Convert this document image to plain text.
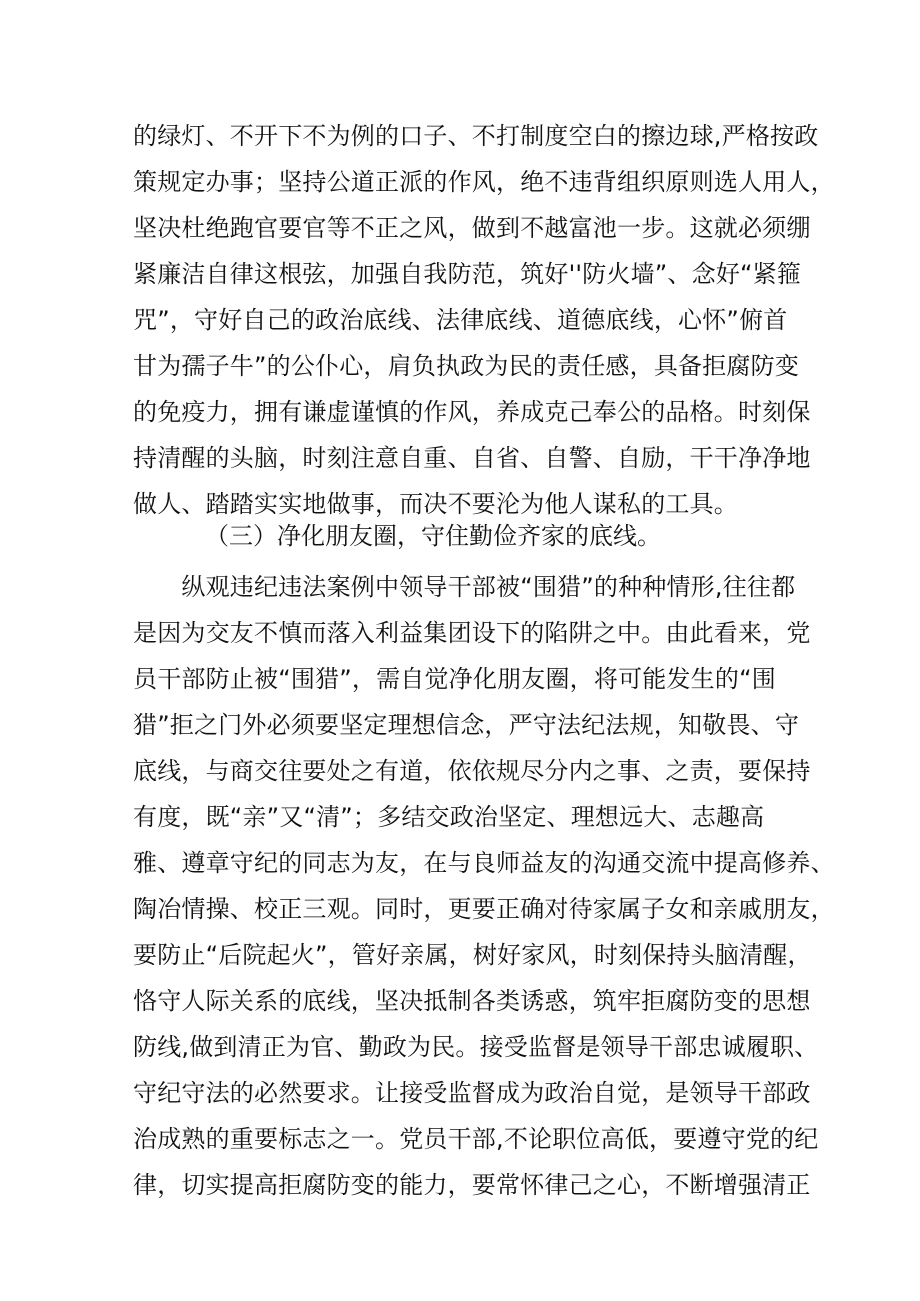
的绿灯、不开下不为例的口子、不打制度空白的擦边球,严格按政
策规定办事；坚持公道正派的作风，绝不违背组织原则选人用人，
坚决杜绝跑官要官等不正之风，做到不越富池一步。这就必须绷
紧廉洁自律这根弦，加强自我防范，筑好''防火墙”、念好“紧箍
咒”，守好自己的政治底线、法律底线、道德底线，心怀”俯首
甘为孺子牛”的公仆心，肩负执政为民的责任感，具备拒腐防变
的免疫力，拥有谦虚谨慎的作风，养成克己奉公的品格。时刻保
持清醒的头脑，时刻注意自重、自省、自警、自励，干干净净地
做人、踏踏实实地做事，而决不要沦为他人谋私的工具。
（三）净化朋友圈，守住勤俭齐家的底线。
　　纵观违纪违法案例中领导干部被“围猎”的种种情形,往往都
是因为交友不慎而落入利益集团设下的陷阱之中。由此看来，党
员干部防止被“围猎”，需自觉净化朋友圈，将可能发生的“围
猎”拒之门外必须要坚定理想信念，严守法纪法规，知敬畏、守
底线，与商交往要处之有道，依依规尽分内之事、之责，要保持
有度，既“亲”又“清”；多结交政治坚定、理想远大、志趣高
雅、遵章守纪的同志为友，在与良师益友的沟通交流中提高修养、
陶冶情操、校正三观。同时，更要正确对待家属子女和亲戚朋友，
要防止“后院起火”，管好亲属，树好家风，时刻保持头脑清醒，
恪守人际关系的底线，坚决抵制各类诱惑，筑牢拒腐防变的思想
防线,做到清正为官、勤政为民。接受监督是领导干部忠诚履职、
守纪守法的必然要求。让接受监督成为政治自觉，是领导干部政
治成熟的重要标志之一。党员干部,不论职位高低，要遵守党的纪
律，切实提高拒腐防变的能力，要常怀律己之心，不断增强清正
